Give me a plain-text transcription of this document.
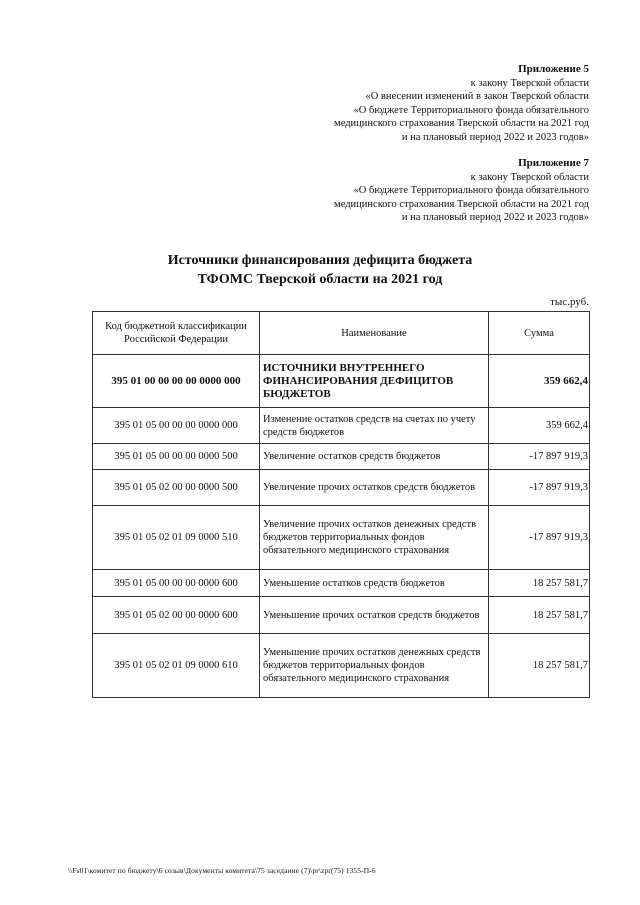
Приложение 5
к закону Тверской области
«О внесении изменений в закон Тверской области
«О бюджете Территориального фонда обязательного
медицинского страхования Тверской области на 2021 год
и на плановый период 2022 и 2023 годов»
Приложение 7
к закону Тверской области
«О бюджете Территориального фонда обязательного
медицинского страхования Тверской области на 2021 год
и на плановый период 2022 и 2023 годов»
Источники финансирования дефицита бюджета
ТФОМС Тверской области на 2021 год
тыс.руб.
Код бюджетной классификации Российской Федерации	Наименование	Сумма
395 01 00 00 00 00 0000 000	ИСТОЧНИКИ ВНУТРЕННЕГО ФИНАНСИРОВАНИЯ ДЕФИЦИТОВ БЮДЖЕТОВ	359 662,4
395 01 05 00 00 00 0000 000	Изменение остатков средств на счетах по учету средств бюджетов	359 662,4
395 01 05 00 00 00 0000 500	Увеличение остатков средств бюджетов	-17 897 919,3
395 01 05 02 00 00 0000 500	Увеличение прочих остатков средств бюджетов	-17 897 919,3
395 01 05 02 01 09 0000 510	Увеличение прочих остатков денежных средств бюджетов территориальных фондов обязательного медицинского страхования	-17 897 919,3
395 01 05 00 00 00 0000 600	Уменьшение остатков средств бюджетов	18 257 581,7
395 01 05 02 00 00 0000 600	Уменьшение прочих остатков средств бюджетов	18 257 581,7
395 01 05 02 01 09 0000 610	Уменьшение прочих остатков денежных средств бюджетов территориальных фондов обязательного медицинского страхования	18 257 581,7
\\Fs01\комитет по бюджету\6 созыв\Документы комитета\75 заседание (7)\pr\zpr(75) 1355-П-6
